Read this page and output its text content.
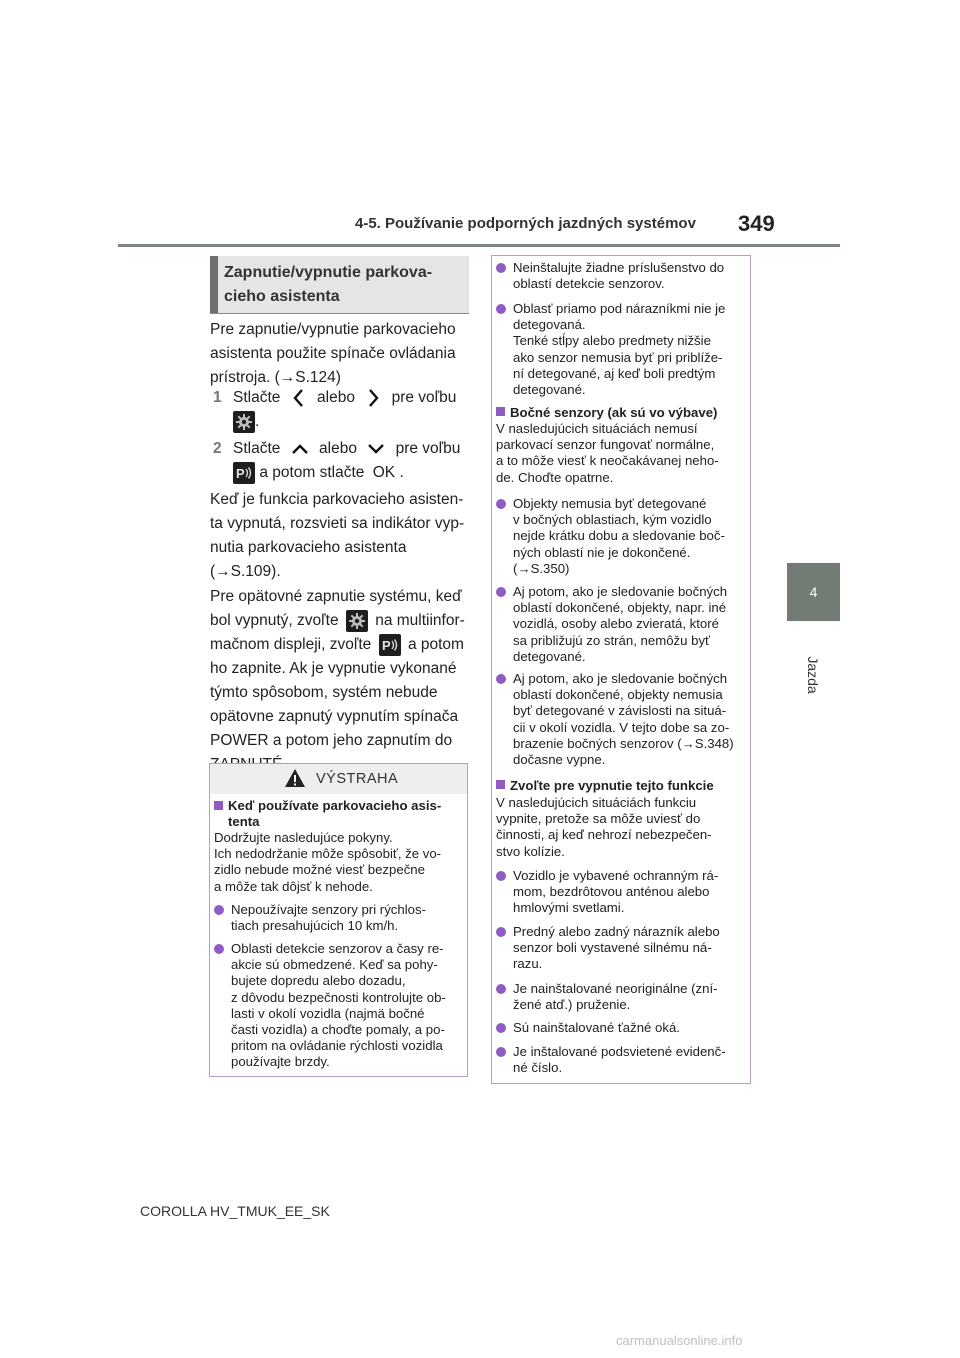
4-5. Používanie podporných jazdných systémov 349
4
Jazda
Zapnutie/vypnutie parkova-
cieho asistenta
Pre zapnutie/vypnutie parkovacieho
asistenta použite spínače ovládania
prístroja. (→S.124)
1 Stlačte alebo pre voľbu
.
2 Stlačte alebo pre voľbu
P a potom stlačte OK .
Keď je funkcia parkovacieho asisten-
ta vypnutá, rozsvieti sa indikátor vyp-
nutia parkovacieho asistenta
(→S.109).
Pre opätovné zapnutie systému, keď
bol vypnutý, zvoľte na multiinfor-
mačnom displeji, zvoľte P a potom
ho zapnite. Ak je vypnutie vykonané
týmto spôsobom, systém nebude
opätovne zapnutý vypnutím spínača
POWER a potom jeho zapnutím do
VÝSTRAHA
Keď používate parkovacieho asis-
tenta
Dodržujte nasledujúce pokyny.
Ich nedodržanie môže spôsobiť, že vo-
zidlo nebude možné viesť bezpečne
a môže tak dôjsť k nehode.
Nepoužívajte senzory pri rýchlos-
tiach presahujúcich 10 km/h.
Oblasti detekcie senzorov a časy re-
akcie sú obmedzené. Keď sa pohy-
bujete dopredu alebo dozadu,
z dôvodu bezpečnosti kontrolujte ob-
lasti v okolí vozidla (najmä bočné
časti vozidla) a choďte pomaly, a po-
pritom na ovládanie rýchlosti vozidla
používajte brzdy.
Neinštalujte žiadne príslušenstvo do
oblastí detekcie senzorov.
Oblasť priamo pod nárazníkmi nie je
detegovaná.
Tenké stĺpy alebo predmety nižšie
ako senzor nemusia byť pri priblíže-
ní detegované, aj keď boli predtým
detegované.
Bočné senzory (ak sú vo výbave)
V nasledujúcich situáciách nemusí
parkovací senzor fungovať normálne,
a to môže viesť k neočakávanej neho-
de. Choďte opatrne.
Objekty nemusia byť detegované
v bočných oblastiach, kým vozidlo
nejde krátku dobu a sledovanie boč-
ných oblastí nie je dokončené.
(→S.350)
Aj potom, ako je sledovanie bočných
oblastí dokončené, objekty, napr. iné
vozidlá, osoby alebo zvieratá, ktoré
sa približujú zo strán, nemôžu byť
detegované.
Aj potom, ako je sledovanie bočných
oblastí dokončené, objekty nemusia
byť detegované v závislosti na situá-
cii v okolí vozidla. V tejto dobe sa zo-
brazenie bočných senzorov (→S.348)
dočasne vypne.
Zvoľte pre vypnutie tejto funkcie
V nasledujúcich situáciách funkciu
vypnite, pretože sa môže uviesť do
činnosti, aj keď nehrozí nebezpečen-
stvo kolízie.
Vozidlo je vybavené ochranným rá-
mom, bezdrôtovou anténou alebo
hmlovými svetlami.
Predný alebo zadný nárazník alebo
senzor boli vystavené silnému ná-
razu.
Je nainštalované neoriginálne (zní-
žené atď.) pruženie.
Sú nainštalované ťažné oká.
Je inštalované podsvietené evidenč-
né číslo.
COROLLA HV_TMUK_EE_SK
carmanualsonline.info
